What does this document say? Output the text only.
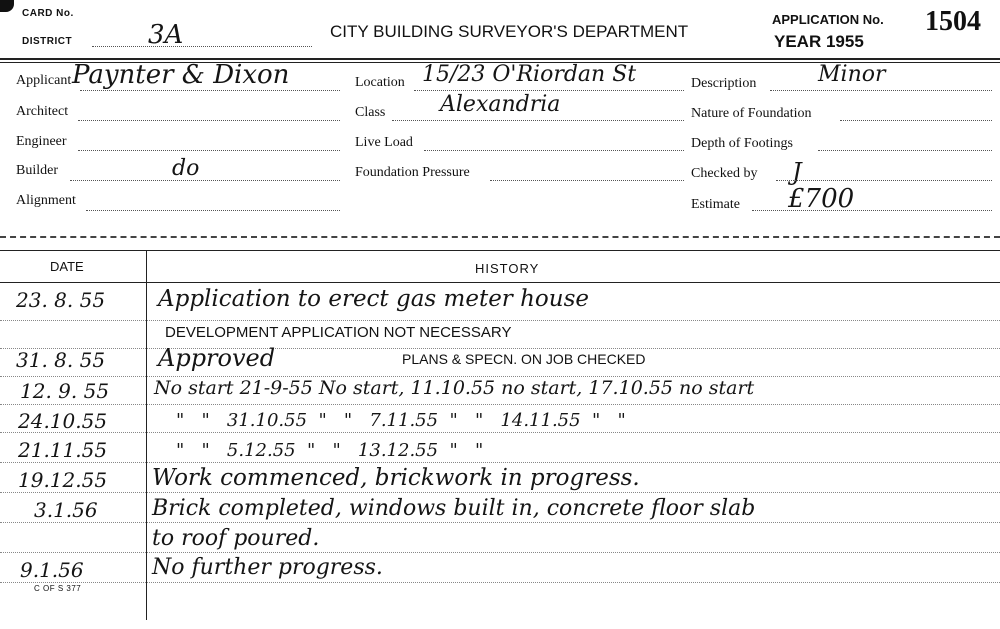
CARD No.
DISTRICT	3A	CITY BUILDING SURVEYOR'S DEPARTMENT
APPLICATION No. 1504
YEAR 1955
Applicant Paynter & Dixon
Architect
Engineer
Builder	do
Alignment
Location 15/23 O'Riordan St
Class Alexandria
Live Load
Foundation Pressure
Description	Minor
Nature of Foundation
Depth of Footings
Checked by J
Estimate £700
DATE	HISTORY
23. 8. 55 Application to erect gas meter house
DEVELOPMENT APPLICATION NOT NECESSARY
31. 8. 55 Approved	PLANS & SPECN. ON JOB CHECKED
12. 9. 55 No start 21-9-55 No start, 11.10.55 no start, 17.10.55 no start
24.10.55	"   "   31.10.55  "   "   7.11.55  "   "   14.11.55  "   "
21.11.55	"   "   5.12.55  "   "   13.12.55  "   "
19.12.55 Work commenced, brickwork in progress.
3.1.56 Brick completed, windows built in, concrete floor slab
to roof poured.
9.1.56	No further progress.
C OF S 377
